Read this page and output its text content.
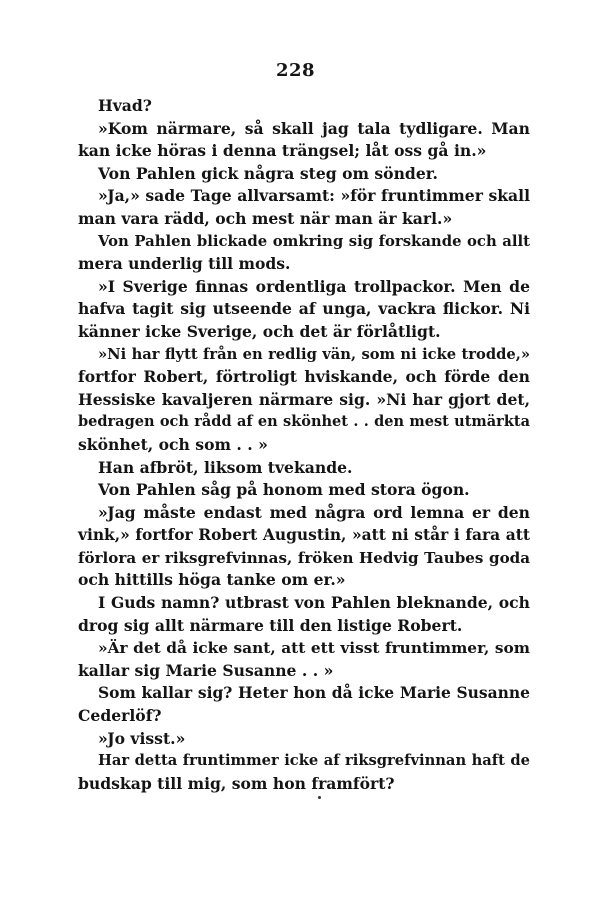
228
Hvad?
»Kom närmare, så skall jag tala tydligare. Man
kan icke höras i denna trängsel; låt oss gå in.»
Von Pahlen gick några steg om sönder.
»Ja,» sade Tage allvarsamt: »för fruntimmer skall
man vara rädd, och mest när man är karl.»
Von Pahlen blickade omkring sig forskande och allt
mera underlig till mods.
»I Sverige finnas ordentliga trollpackor. Men de
hafva tagit sig utseende af unga, vackra flickor. Ni
känner icke Sverige, och det är förlåtligt.
»Ni har flytt från en redlig vän, som ni icke trodde,»
fortfor Robert, förtroligt hviskande, och förde den
Hessiske kavaljeren närmare sig. »Ni har gjort det,
bedragen och rådd af en skönhet . . den mest utmärkta
skönhet, och som . . »
Han afbröt, liksom tvekande.
Von Pahlen såg på honom med stora ögon.
»Jag måste endast med några ord lemna er den
vink,» fortfor Robert Augustin, »att ni står i fara att
förlora er riksgrefvinnas, fröken Hedvig Taubes goda
och hittills höga tanke om er.»
I Guds namn? utbrast von Pahlen bleknande, och
drog sig allt närmare till den listige Robert.
»Är det då icke sant, att ett visst fruntimmer, som
kallar sig Marie Susanne . . »
Som kallar sig? Heter hon då icke Marie Susanne
Cederlöf?
»Jo visst.»
Har detta fruntimmer icke af riksgrefvinnan haft de
budskap till mig, som hon framfört?
